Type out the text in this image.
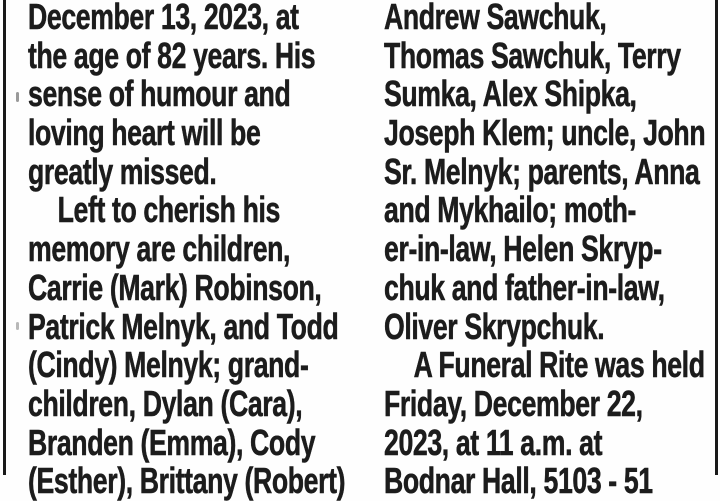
December 13, 2023, at
the age of 82 years. His
sense of humour and
loving heart will be
greatly missed.
Left to cherish his
memory are children,
Carrie (Mark) Robinson,
Patrick Melnyk, and Todd
(Cindy) Melnyk; grand-
children, Dylan (Cara),
Branden (Emma), Cody
(Esther), Brittany (Robert)
Andrew Sawchuk,
Thomas Sawchuk, Terry
Sumka, Alex Shipka,
Joseph Klem; uncle, John
Sr. Melnyk; parents, Anna
and Mykhailo; moth-
er-in-law, Helen Skryp-
chuk and father-in-law,
Oliver Skrypchuk.
A Funeral Rite was held
Friday, December 22,
2023, at 11 a.m. at
Bodnar Hall, 5103 - 51
